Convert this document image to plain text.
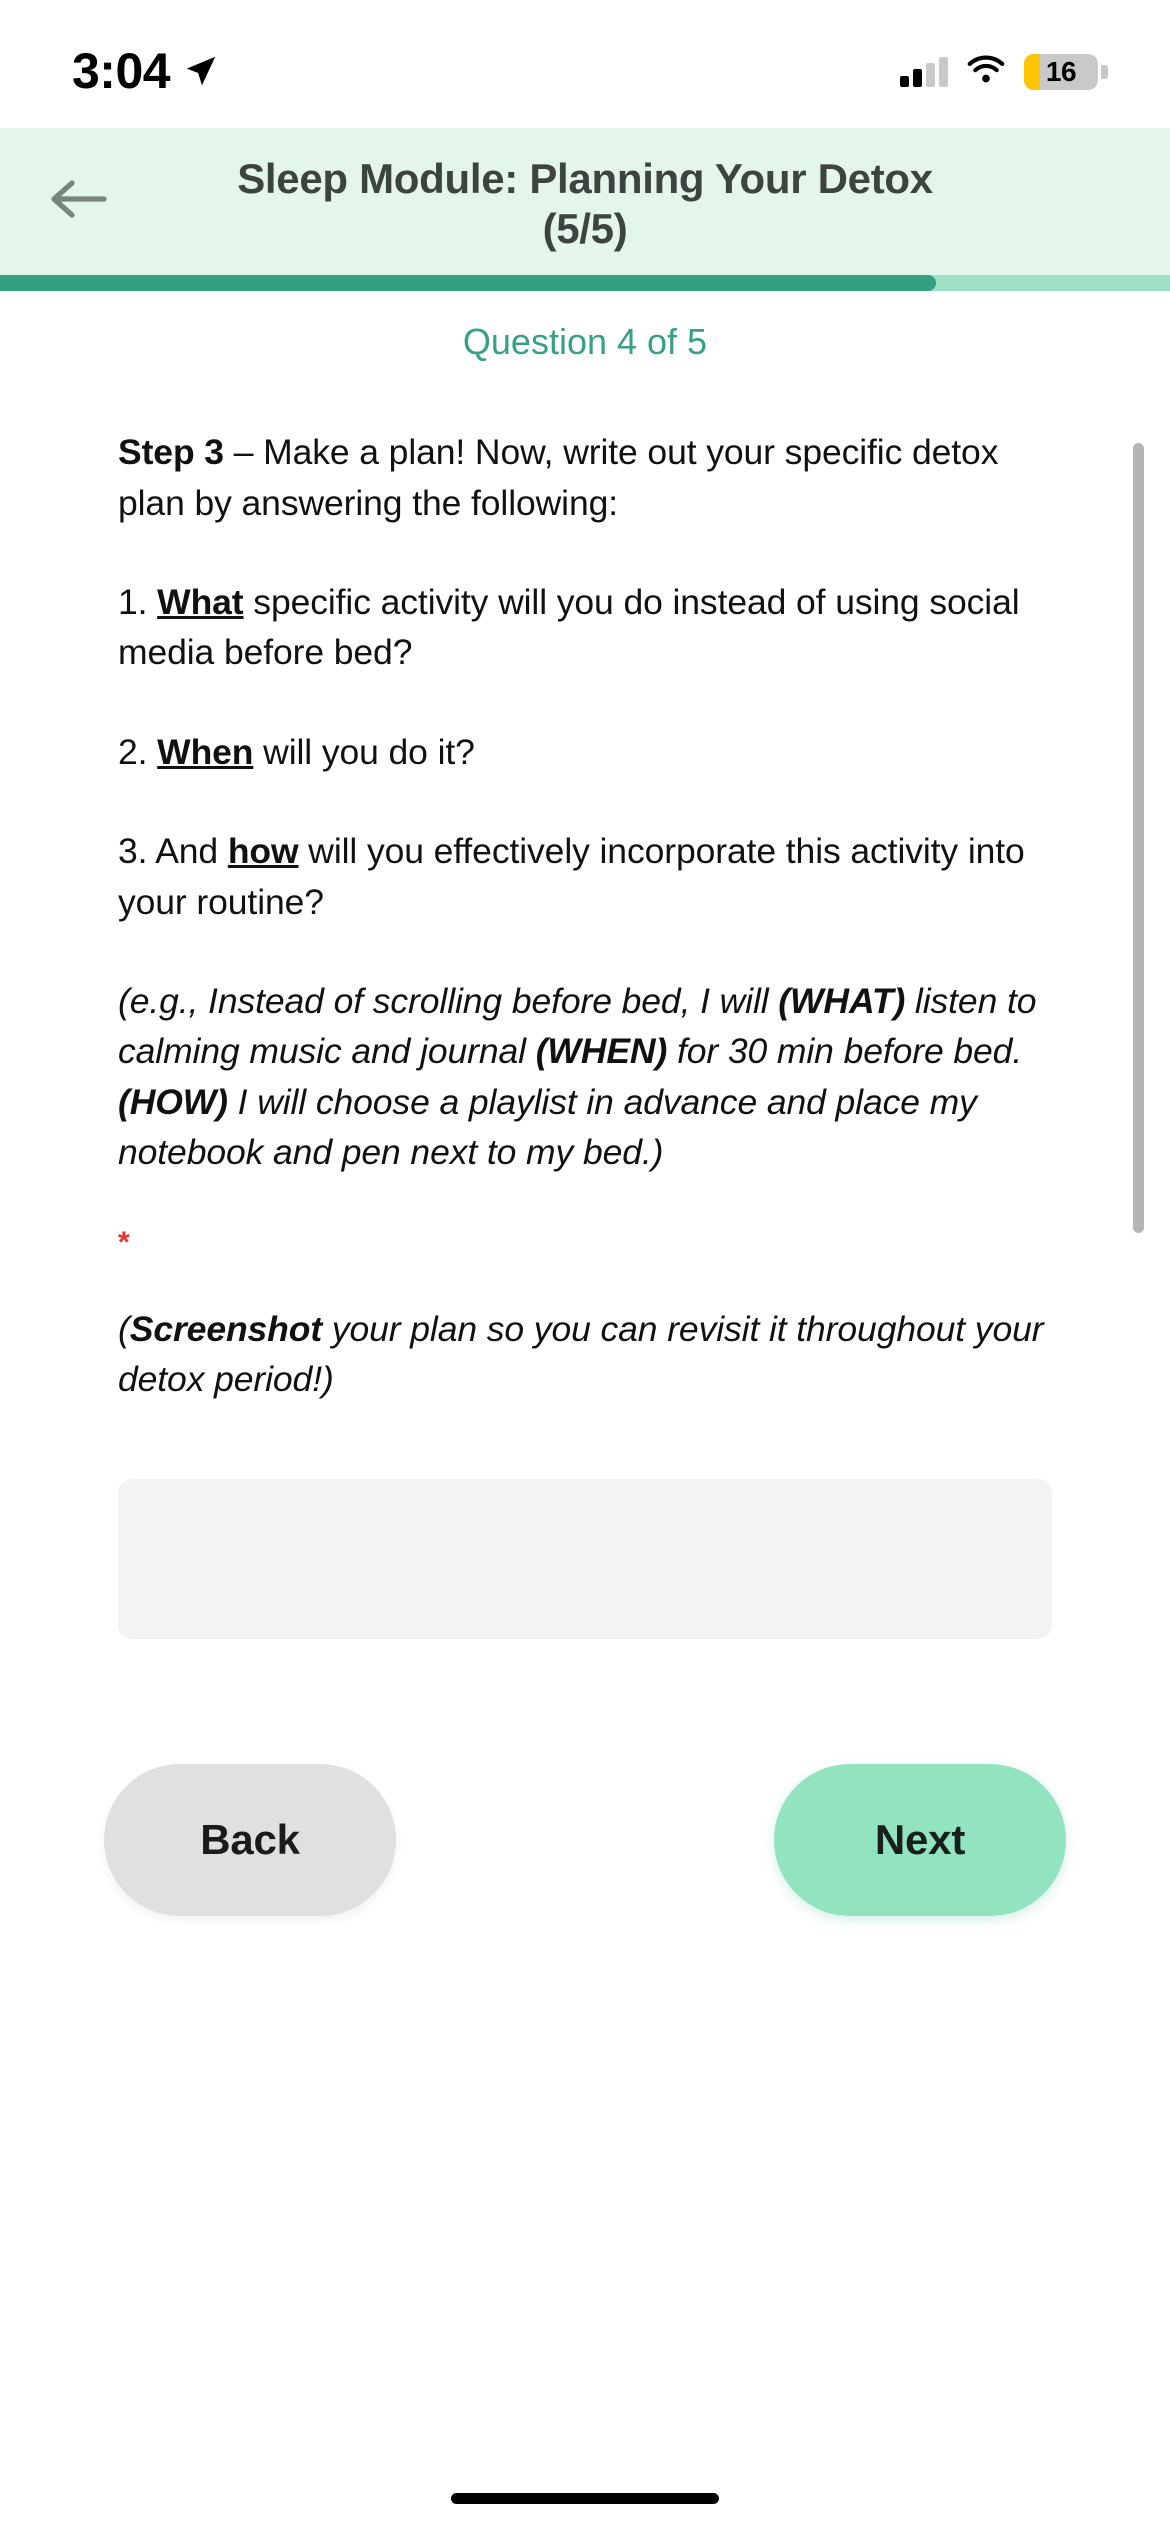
3:04	16
Sleep Module: Planning Your Detox
(5/5)
Question 4 of 5

Step 3 – Make a plan! Now, write out your specific detox plan by answering the following:

1. What specific activity will you do instead of using social media before bed?

2. When will you do it?

3. And how will you effectively incorporate this activity into your routine?

(e.g., Instead of scrolling before bed, I will (WHAT) listen to calming music and journal (WHEN) for 30 min before bed. (HOW) I will choose a playlist in advance and place my notebook and pen next to my bed.)

*

(Screenshot your plan so you can revisit it throughout your detox period!)

Back	Next
